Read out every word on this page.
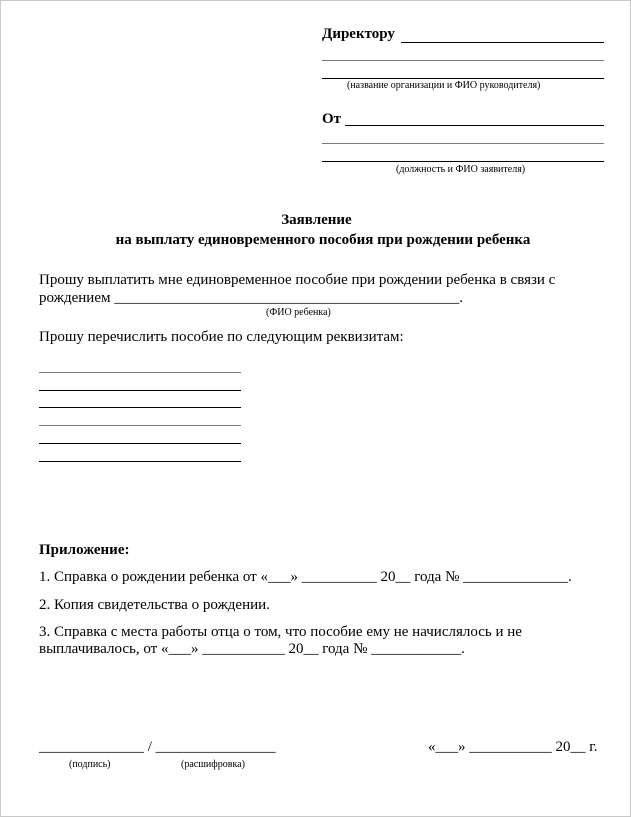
Директору
(название организации и ФИО руководителя)
От
(должность и ФИО заявителя)
Заявление
на выплату единовременного пособия при рождении ребенка
Прошу выплатить мне единовременное пособие при рождении ребенка в связи с
рождением ______________________________________________.
(ФИО ребенка)
Прошу перечислить пособие по следующим реквизитам:
Приложение:
1. Справка о рождении ребенка от «___» __________ 20__ года № ______________.
2. Копия свидетельства о рождении.
3. Справка с места работы отца о том, что пособие ему не начислялось и не
выплачивалось, от «___» ___________ 20__ года № ____________.
______________ / ________________
(подпись)	(расшифровка)
«___» ___________ 20__ г.
